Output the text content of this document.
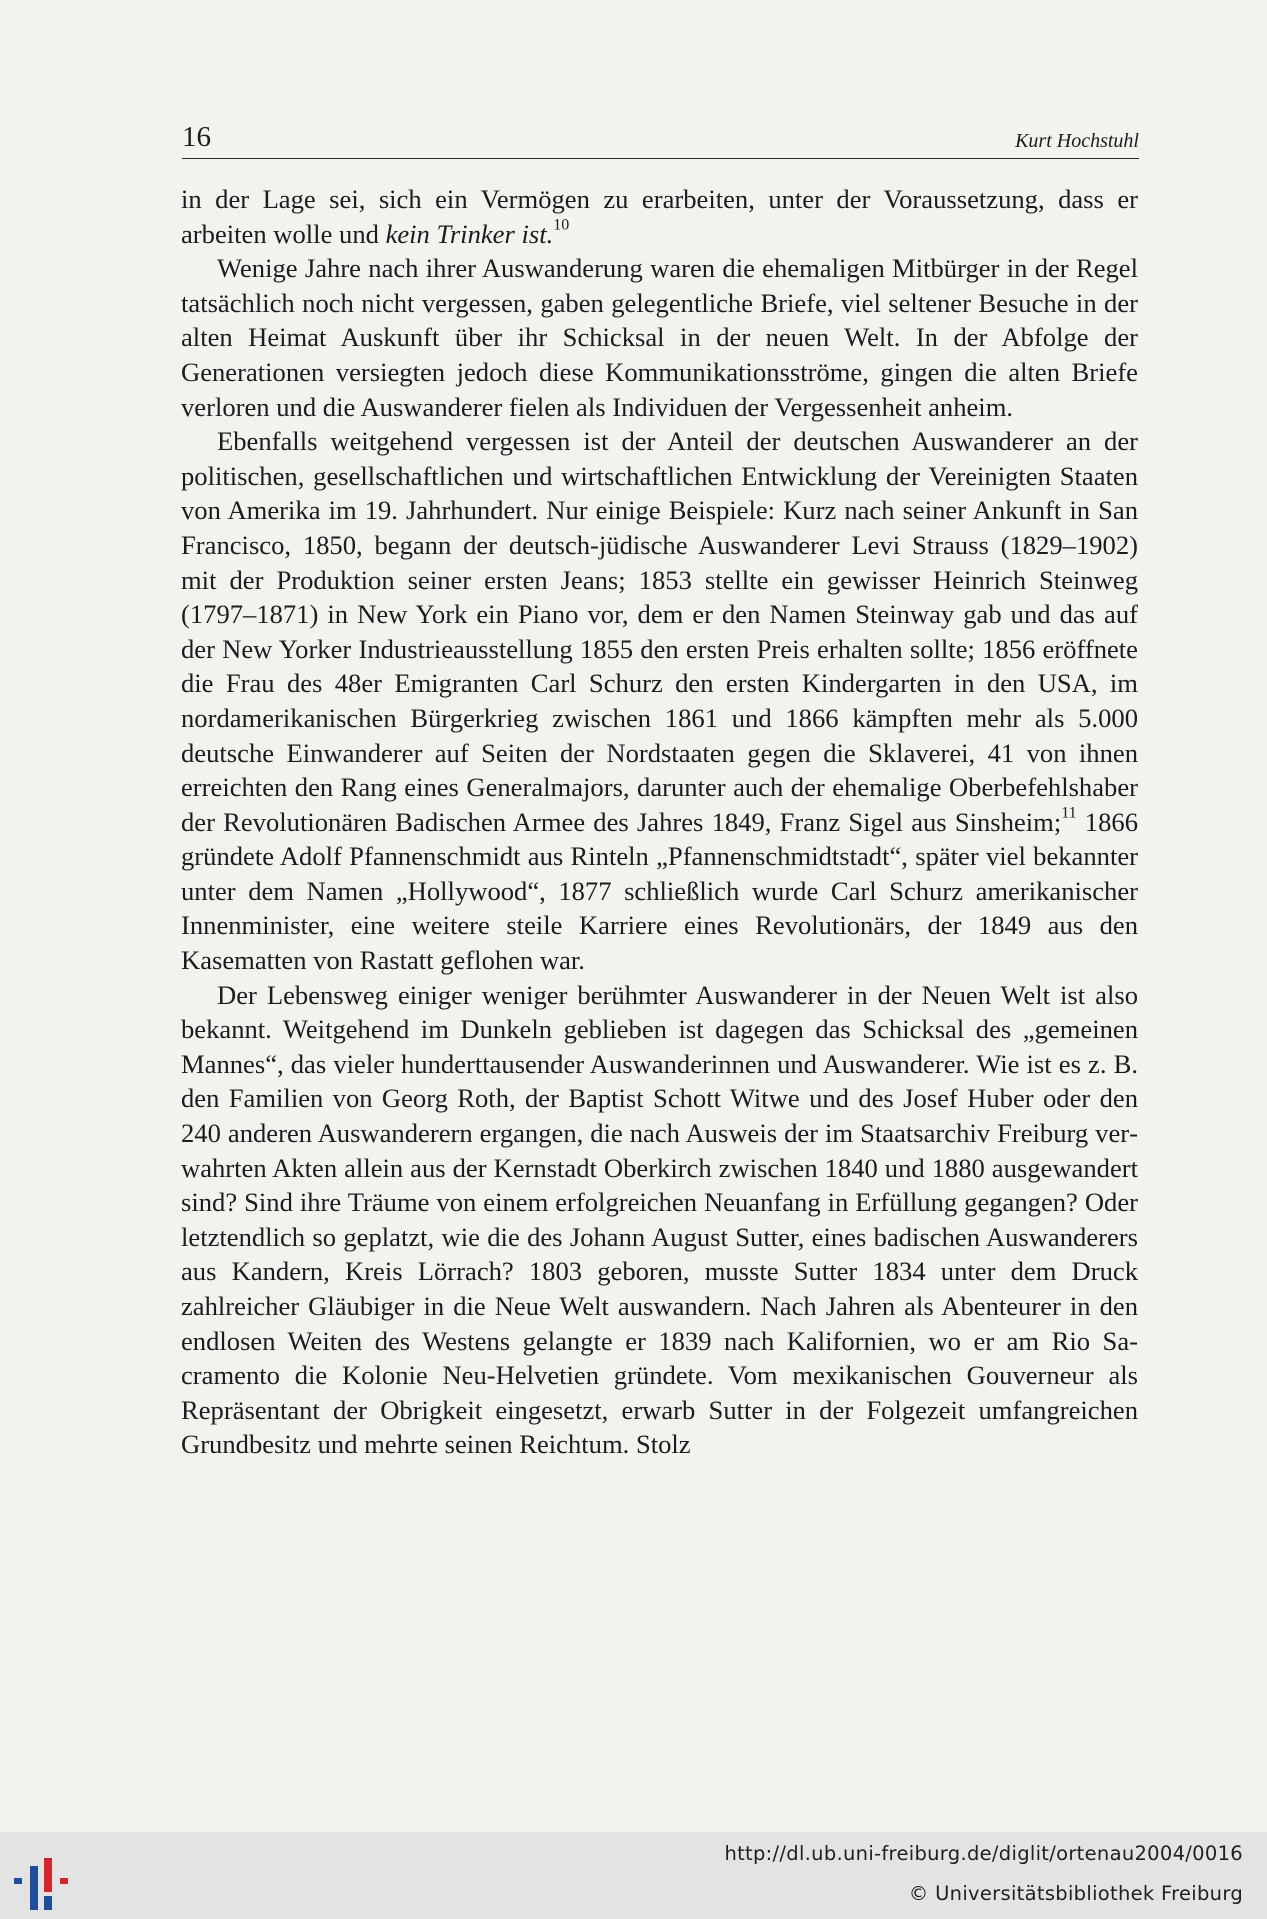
16	Kurt Hochstuhl

in der Lage sei, sich ein Vermögen zu erarbeiten, unter der Voraussetzung, dass er arbeiten wolle und kein Trinker ist.$^{10}$

Wenige Jahre nach ihrer Auswanderung waren die ehemaligen Mitbürger in der Regel tatsächlich noch nicht vergessen, gaben gelegentliche Briefe, viel seltener Besuche in der alten Heimat Auskunft über ihr Schicksal in der neuen Welt. In der Abfolge der Generationen versiegten jedoch diese Kommunikationsströme, gingen die alten Briefe verloren und die Auswanderer fielen als Individuen der Vergessenheit anheim.

Ebenfalls weitgehend vergessen ist der Anteil der deutschen Auswanderer an der politischen, gesellschaftlichen und wirtschaftlichen Entwicklung der Vereinigten Staaten von Amerika im 19. Jahrhundert. Nur einige Beispiele: Kurz nach seiner Ankunft in San Francisco, 1850, begann der deutsch-jüdische Auswanderer Levi Strauss (1829–1902) mit der Produktion seiner ersten Jeans; 1853 stellte ein gewisser Heinrich Steinweg (1797–1871) in New York ein Piano vor, dem er den Namen Steinway gab und das auf der New Yorker Industrieausstellung 1855 den ersten Preis erhalten sollte; 1856 eröffnete die Frau des 48er Emigranten Carl Schurz den ersten Kindergarten in den USA, im nordamerikanischen Bürgerkrieg zwischen 1861 und 1866 kämpften mehr als 5.000 deutsche Einwanderer auf Seiten der Nordstaaten gegen die Sklaverei, 41 von ihnen erreichten den Rang eines Generalmajors, darunter auch der ehemalige Oberbefehlshaber der Revolutionären Badischen Armee des Jahres 1849, Franz Sigel aus Sinsheim;$^{11}$ 1866 gründete Adolf Pfannenschmidt aus Rinteln „Pfannenschmidtstadt“, später viel bekannter unter dem Namen „Hollywood“, 1877 schließlich wurde Carl Schurz amerikanischer Innenminister, eine weitere steile Karriere eines Revolutionärs, der 1849 aus den Kasematten von Rastatt geflohen war.

Der Lebensweg einiger weniger berühmter Auswanderer in der Neuen Welt ist also bekannt. Weitgehend im Dunkeln geblieben ist dagegen das Schicksal des „gemeinen Mannes“, das vieler hunderttausender Auswanderinnen und Auswanderer. Wie ist es z. B. den Familien von Georg Roth, der Baptist Schott Witwe und des Josef Huber oder den 240 anderen Auswanderern ergangen, die nach Ausweis der im Staatsarchiv Freiburg verwahrten Akten allein aus der Kernstadt Oberkirch zwischen 1840 und 1880 ausgewandert sind? Sind ihre Träume von einem erfolgreichen Neuanfang in Erfüllung gegangen? Oder letztendlich so geplatzt, wie die des Johann August Sutter, eines badischen Auswanderers aus Kandern, Kreis Lörrach? 1803 geboren, musste Sutter 1834 unter dem Druck zahlreicher Gläubiger in die Neue Welt auswandern. Nach Jahren als Abenteurer in den endlosen Weiten des Westens gelangte er 1839 nach Kalifornien, wo er am Rio Sacramento die Kolonie Neu-Helvetien gründete. Vom mexikanischen Gouverneur als Repräsentant der Obrigkeit eingesetzt, erwarb Sutter in der Folgezeit umfangreichen Grundbesitz und mehrte seinen Reichtum. Stolz

http://dl.ub.uni-freiburg.de/diglit/ortenau2004/0016
© Universitätsbibliothek Freiburg
